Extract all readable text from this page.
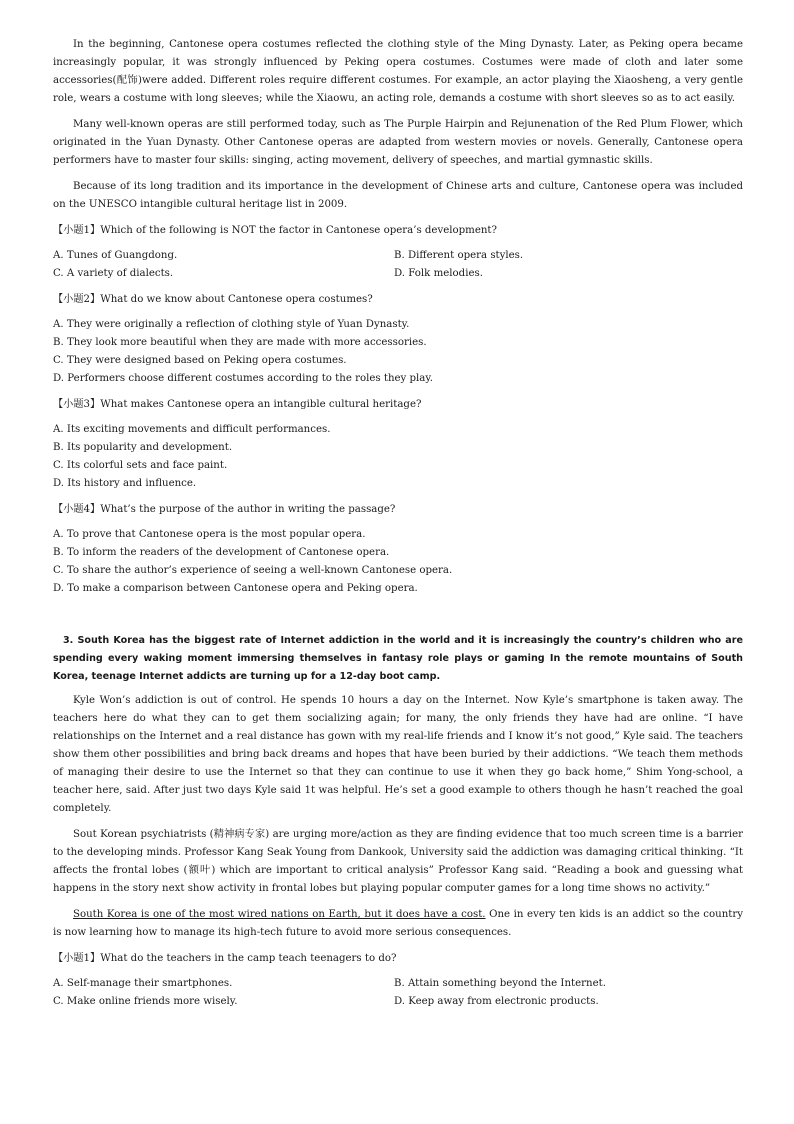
In the beginning, Cantonese opera costumes reflected the clothing style of the Ming Dynasty. Later, as Peking opera became increasingly popular, it was strongly influenced by Peking opera costumes. Costumes were made of cloth and later some accessories(配饰)were added. Different roles require different costumes. For example, an actor playing the Xiaosheng, a very gentle role, wears a costume with long sleeves; while the Xiaowu, an acting role, demands a costume with short sleeves so as to act easily.

Many well-known operas are still performed today, such as The Purple Hairpin and Rejunenation of the Red Plum Flower, which originated in the Yuan Dynasty. Other Cantonese operas are adapted from western movies or novels. Generally, Cantonese opera performers have to master four skills: singing, acting movement, delivery of speeches, and martial gymnastic skills.

Because of its long tradition and its importance in the development of Chinese arts and culture, Cantonese opera was included on the UNESCO intangible cultural heritage list in 2009.

【小题1】Which of the following is NOT the factor in Cantonese opera’s development?
A. Tunes of Guangdong.	B. Different opera styles.
C. A variety of dialects.	D. Folk melodies.
【小题2】What do we know about Cantonese opera costumes?
A. They were originally a reflection of clothing style of Yuan Dynasty.
B. They look more beautiful when they are made with more accessories.
C. They were designed based on Peking opera costumes.
D. Performers choose different costumes according to the roles they play.
【小题3】What makes Cantonese opera an intangible cultural heritage?
A. Its exciting movements and difficult performances.
B. Its popularity and development.
C. Its colorful sets and face paint.
D. Its history and influence.
【小题4】What’s the purpose of the author in writing the passage?
A. To prove that Cantonese opera is the most popular opera.
B. To inform the readers of the development of Cantonese opera.
C. To share the author’s experience of seeing a well-known Cantonese opera.
D. To make a comparison between Cantonese opera and Peking opera.

3. South Korea has the biggest rate of Internet addiction in the world and it is increasingly the country’s children who are spending every waking moment immersing themselves in fantasy role plays or gaming In the remote mountains of South Korea, teenage Internet addicts are turning up for a 12-day boot camp.

Kyle Won’s addiction is out of control. He spends 10 hours a day on the Internet. Now Kyle’s smartphone is taken away. The teachers here do what they can to get them socializing again; for many, the only friends they have had are online. “I have relationships on the Internet and a real distance has gown with my real-life friends and I know it’s not good,” Kyle said. The teachers show them other possibilities and bring back dreams and hopes that have been buried by their addictions. “We teach them methods of managing their desire to use the Internet so that they can continue to use it when they go back home,” Shim Yong-school, a teacher here, said. After just two days Kyle said 1t was helpful. He’s set a good example to others though he hasn’t reached the goal completely.

Sout Korean psychiatrists (精神病专家) are urging more/action as they are finding evidence that too much screen time is a barrier to the developing minds. Professor Kang Seak Young from Dankook, University said the addiction was damaging critical thinking. “It affects the frontal lobes (额叶) which are important to critical analysis” Professor Kang said. “Reading a book and guessing what happens in the story next show activity in frontal lobes but playing popular computer games for a long time shows no activity.”

South Korea is one of the most wired nations on Earth, but it does have a cost. One in every ten kids is an addict so the country is now learning how to manage its high-tech future to avoid more serious consequences.

【小题1】What do the teachers in the camp teach teenagers to do?
A. Self-manage their smartphones.	B. Attain something beyond the Internet.
C. Make online friends more wisely.	D. Keep away from electronic products.
